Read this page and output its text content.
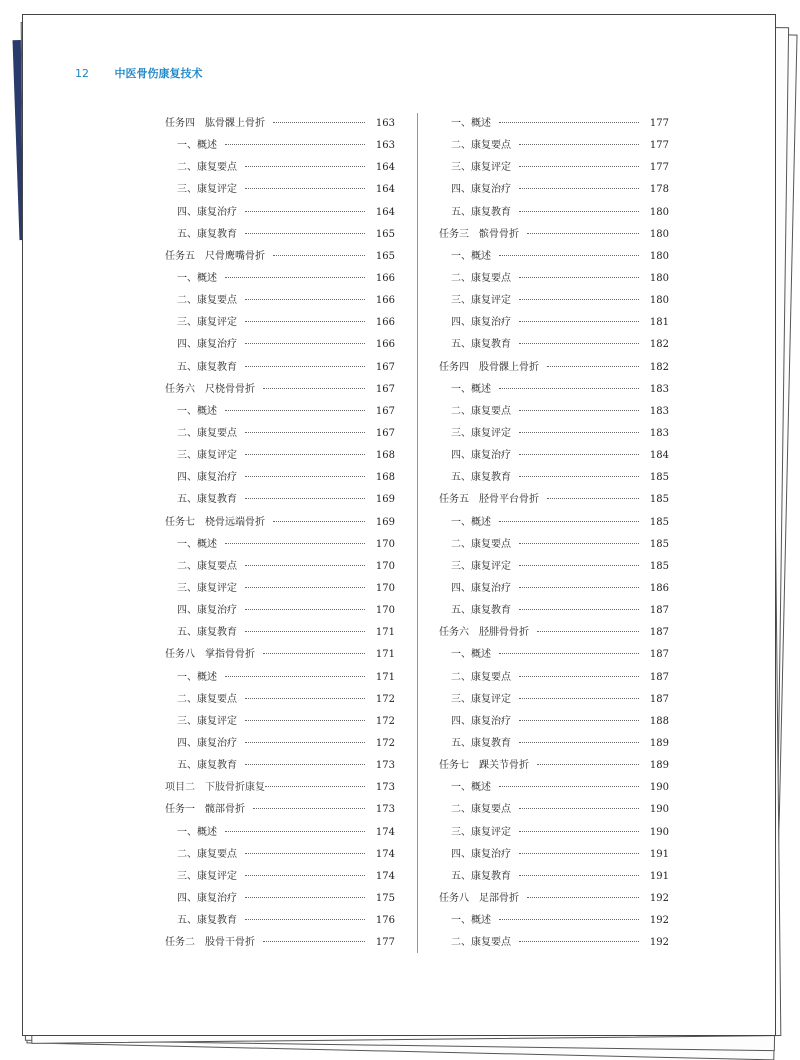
12 中医骨伤康复技术
任务四　肱骨髁上骨折	163
一、概述	163
二、康复要点	164
三、康复评定	164
四、康复治疗	164
五、康复教育	165
任务五　尺骨鹰嘴骨折	165
一、概述	166
二、康复要点	166
三、康复评定	166
四、康复治疗	166
五、康复教育	167
任务六　尺桡骨骨折	167
一、概述	167
二、康复要点	167
三、康复评定	168
四、康复治疗	168
五、康复教育	169
任务七　桡骨远端骨折	169
一、概述	170
二、康复要点	170
三、康复评定	170
四、康复治疗	170
五、康复教育	171
任务八　掌指骨骨折	171
一、概述	171
二、康复要点	172
三、康复评定	172
四、康复治疗	172
五、康复教育	173
项目二　下肢骨折康复	173
任务一　髋部骨折	173
一、概述	174
二、康复要点	174
三、康复评定	174
四、康复治疗	175
五、康复教育	176
任务二　股骨干骨折	177
一、概述	177
二、康复要点	177
三、康复评定	177
四、康复治疗	178
五、康复教育	180
任务三　髌骨骨折	180
一、概述	180
二、康复要点	180
三、康复评定	180
四、康复治疗	181
五、康复教育	182
任务四　股骨髁上骨折	182
一、概述	183
二、康复要点	183
三、康复评定	183
四、康复治疗	184
五、康复教育	185
任务五　胫骨平台骨折	185
一、概述	185
二、康复要点	185
三、康复评定	185
四、康复治疗	186
五、康复教育	187
任务六　胫腓骨骨折	187
一、概述	187
二、康复要点	187
三、康复评定	187
四、康复治疗	188
五、康复教育	189
任务七　踝关节骨折	189
一、概述	190
二、康复要点	190
三、康复评定	190
四、康复治疗	191
五、康复教育	191
任务八　足部骨折	192
一、概述	192
二、康复要点	192
